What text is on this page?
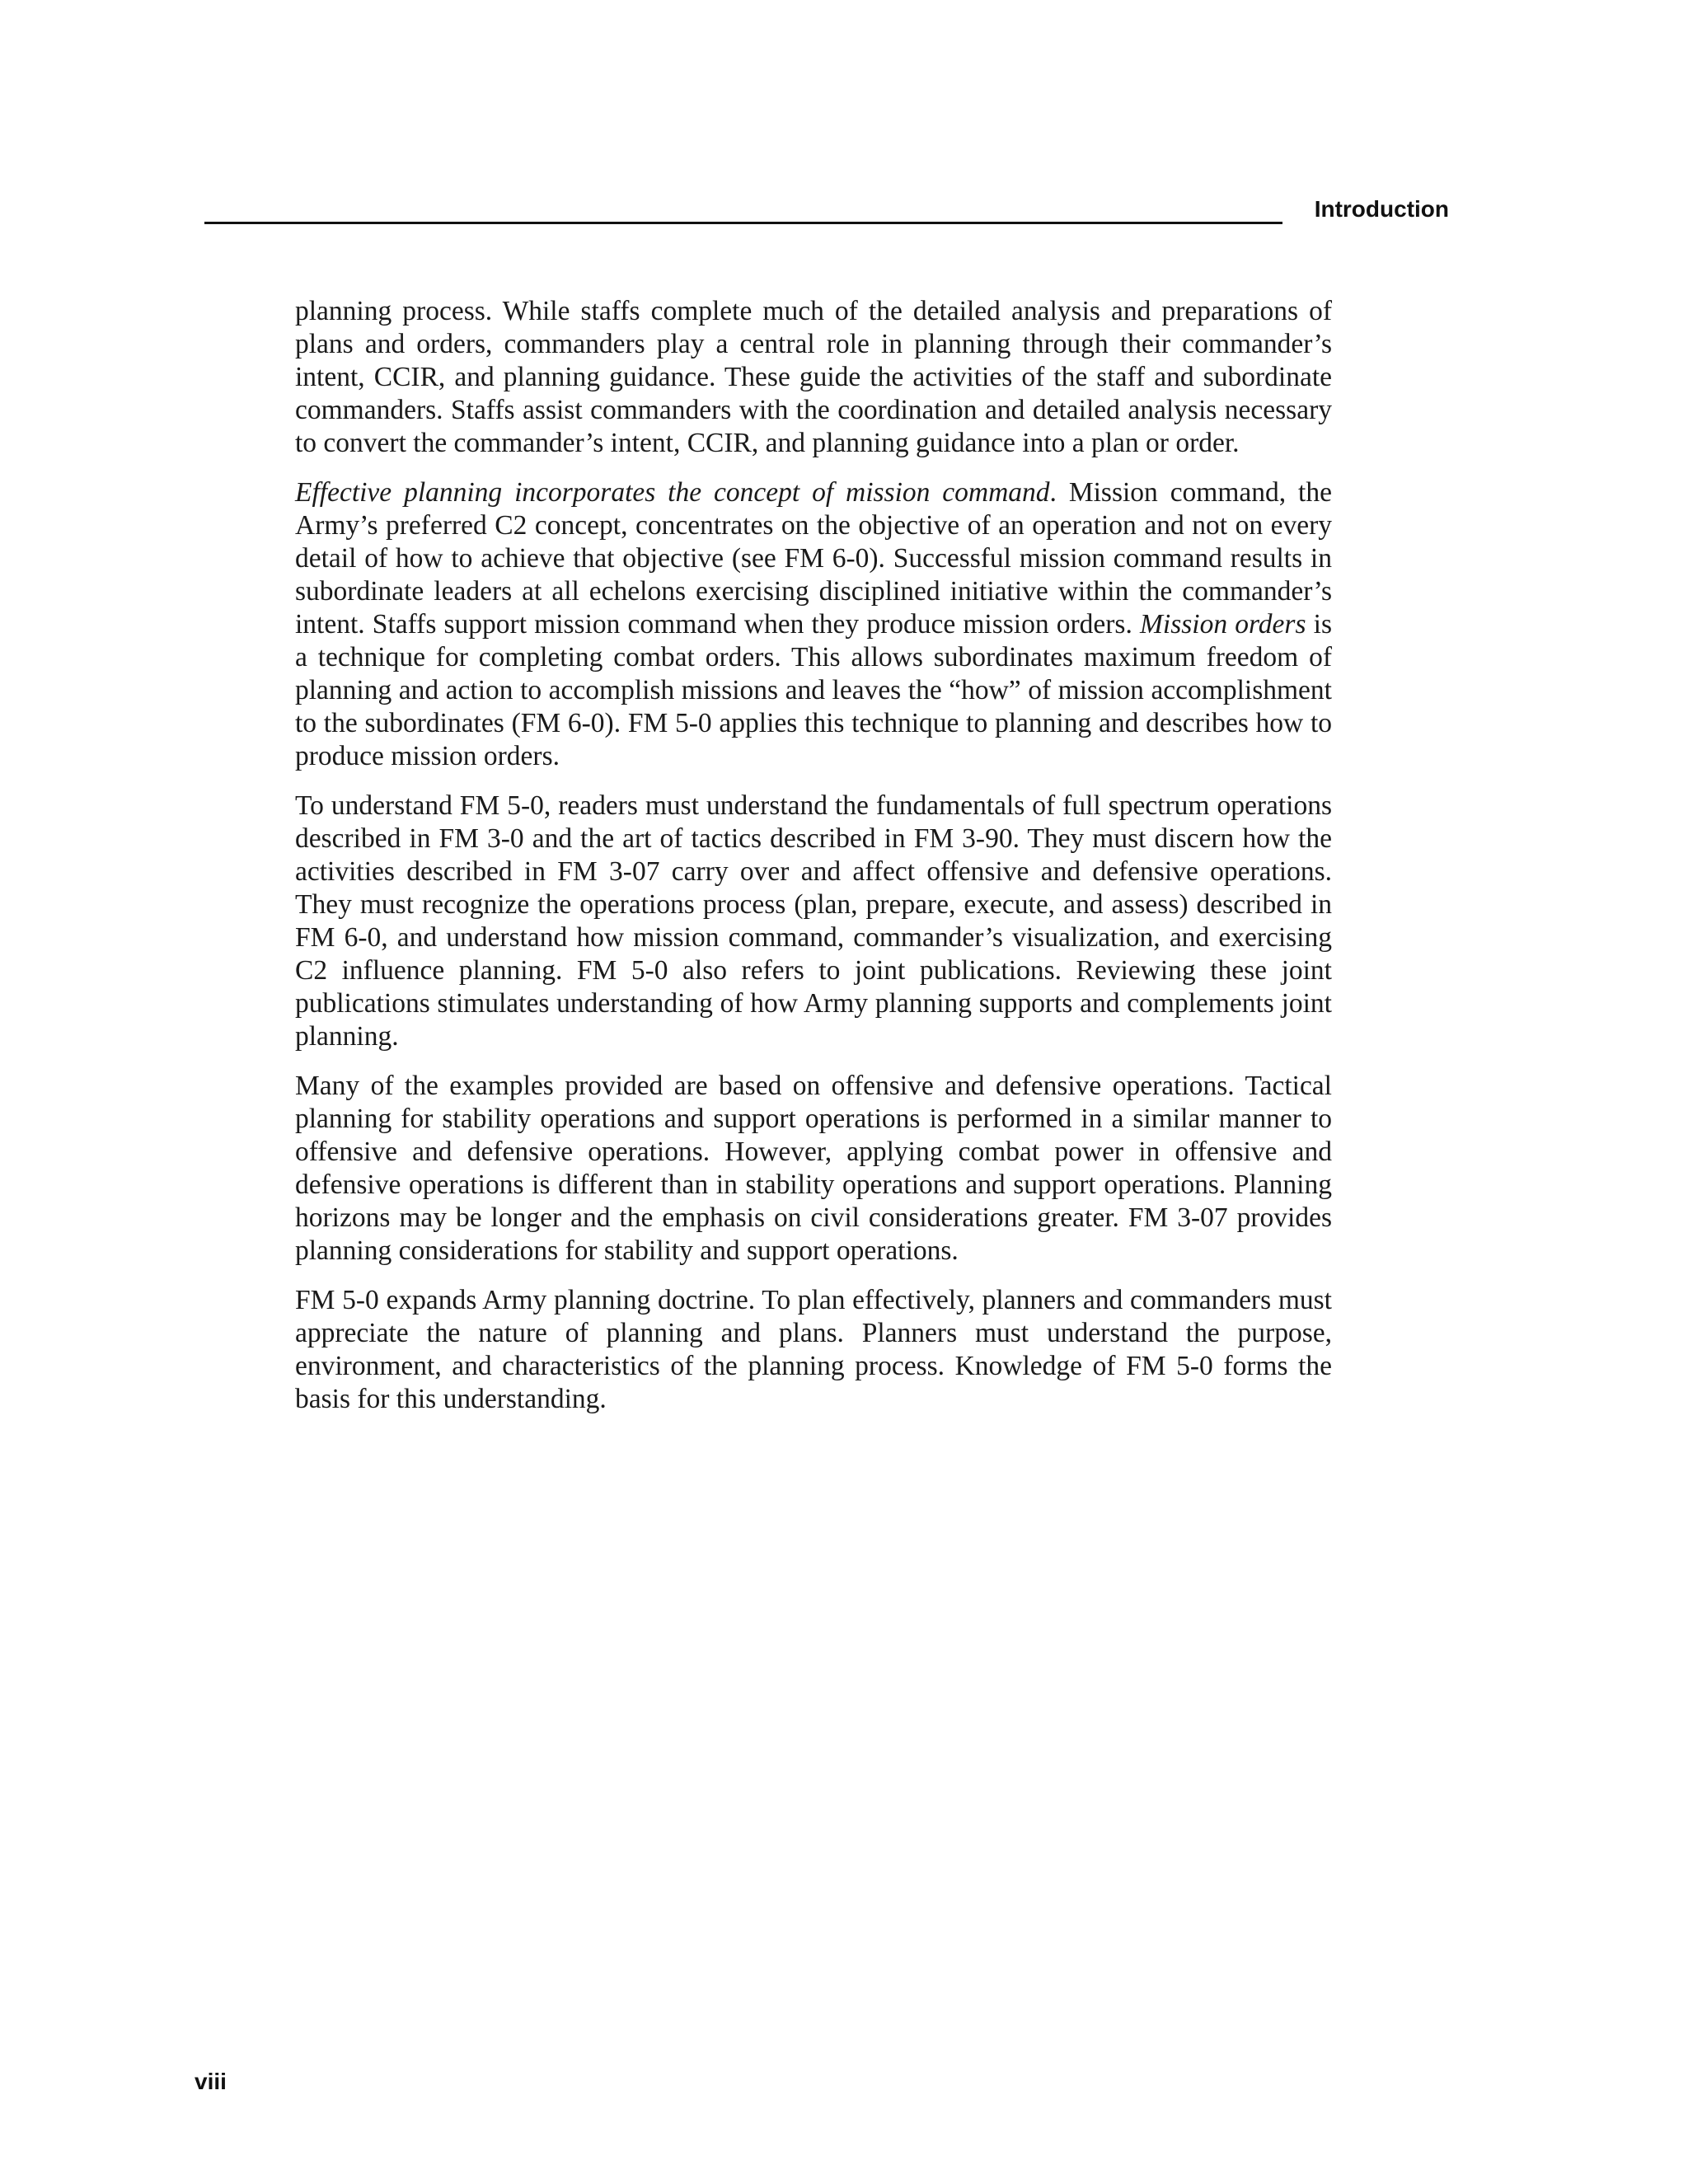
Introduction

planning process. While staffs complete much of the detailed analysis and preparations of plans and orders, commanders play a central role in planning through their commander’s intent, CCIR, and planning guidance. These guide the activities of the staff and subordinate commanders. Staffs assist commanders with the coordination and detailed analysis necessary to convert the commander’s intent, CCIR, and planning guidance into a plan or order.

Effective planning incorporates the concept of mission command. Mission command, the Army’s preferred C2 concept, concentrates on the objective of an operation and not on every detail of how to achieve that objective (see FM 6-0). Successful mission command results in subordinate leaders at all echelons exercising disciplined initiative within the commander’s intent. Staffs support mission command when they produce mission orders. Mission orders is a technique for completing combat orders. This allows subordinates maximum freedom of planning and action to accomplish missions and leaves the “how” of mission accomplishment to the subordinates (FM 6-0). FM 5-0 applies this technique to planning and describes how to produce mission orders.

To understand FM 5-0, readers must understand the fundamentals of full spectrum operations described in FM 3-0 and the art of tactics described in FM 3-90. They must discern how the activities described in FM 3-07 carry over and affect offensive and defensive operations. They must recognize the operations process (plan, prepare, execute, and assess) described in FM 6-0, and understand how mission command, commander’s visualization, and exercising C2 influence planning. FM 5-0 also refers to joint publications. Reviewing these joint publications stimulates understanding of how Army planning supports and complements joint planning.

Many of the examples provided are based on offensive and defensive operations. Tactical planning for stability operations and support operations is performed in a similar manner to offensive and defensive operations. However, applying combat power in offensive and defensive operations is different than in stability operations and support operations. Planning horizons may be longer and the emphasis on civil considerations greater. FM 3-07 provides planning considerations for stability and support operations.

FM 5-0 expands Army planning doctrine. To plan effectively, planners and commanders must appreciate the nature of planning and plans. Planners must understand the purpose, environment, and characteristics of the planning process. Knowledge of FM 5-0 forms the basis for this understanding.

viii
